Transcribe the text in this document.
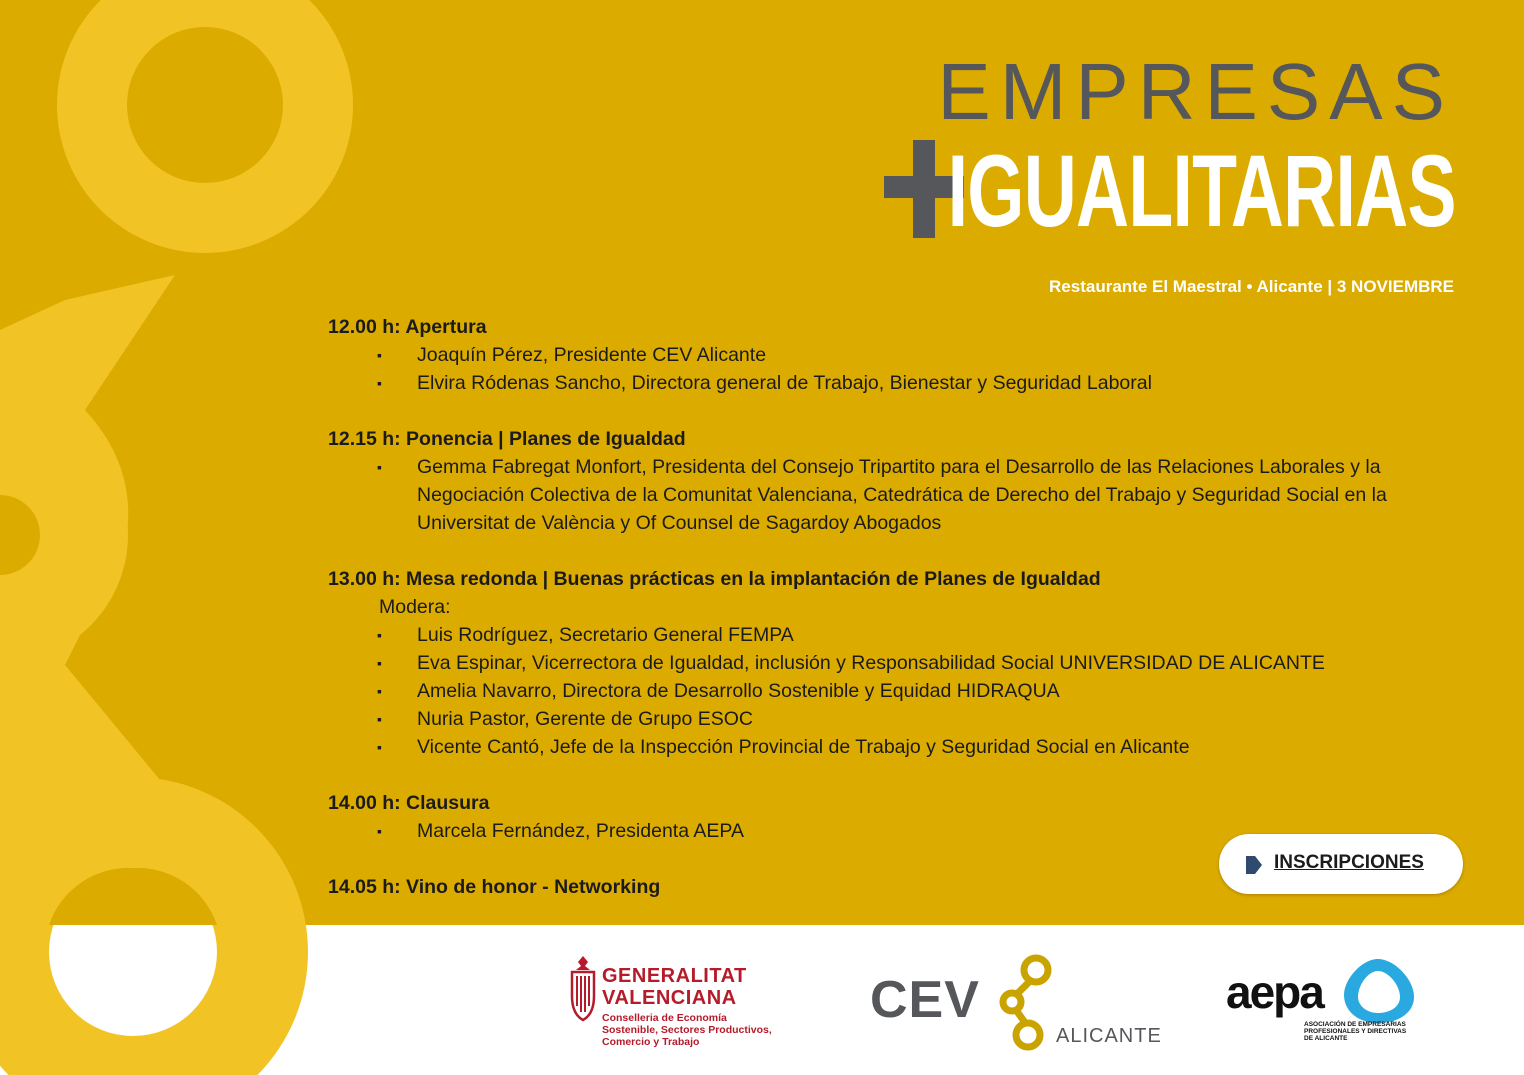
EMPRESAS
IGUALITARIAS
Restaurante El Maestral • Alicante | 3 NOVIEMBRE
12.00 h: Apertura
▪ Joaquín Pérez, Presidente CEV Alicante
▪ Elvira Ródenas Sancho, Directora general de Trabajo, Bienestar y Seguridad Laboral
12.15 h: Ponencia | Planes de Igualdad
▪ Gemma Fabregat Monfort, Presidenta del Consejo Tripartito para el Desarrollo de las Relaciones Laborales y la Negociación Colectiva de la Comunitat Valenciana, Catedrática de Derecho del Trabajo y Seguridad Social en la Universitat de València y Of Counsel de Sagardoy Abogados
13.00 h: Mesa redonda | Buenas prácticas en la implantación de Planes de Igualdad
Modera:
▪ Luis Rodríguez, Secretario General FEMPA
▪ Eva Espinar, Vicerrectora de Igualdad, inclusión y Responsabilidad Social UNIVERSIDAD DE ALICANTE
▪ Amelia Navarro, Directora de Desarrollo Sostenible y Equidad HIDRAQUA
▪ Nuria Pastor, Gerente de Grupo ESOC
▪ Vicente Cantó, Jefe de la Inspección Provincial de Trabajo y Seguridad Social en Alicante
14.00 h: Clausura
▪ Marcela Fernández, Presidenta AEPA
14.05 h: Vino de honor - Networking
INSCRIPCIONES
GENERALITAT
VALENCIANA
Conselleria de Economía
Sostenible, Sectores Productivos,
Comercio y Trabajo
CEV
ALICANTE
aepa
ASOCIACIÓN DE EMPRESARIAS
PROFESIONALES Y DIRECTIVAS
DE ALICANTE
